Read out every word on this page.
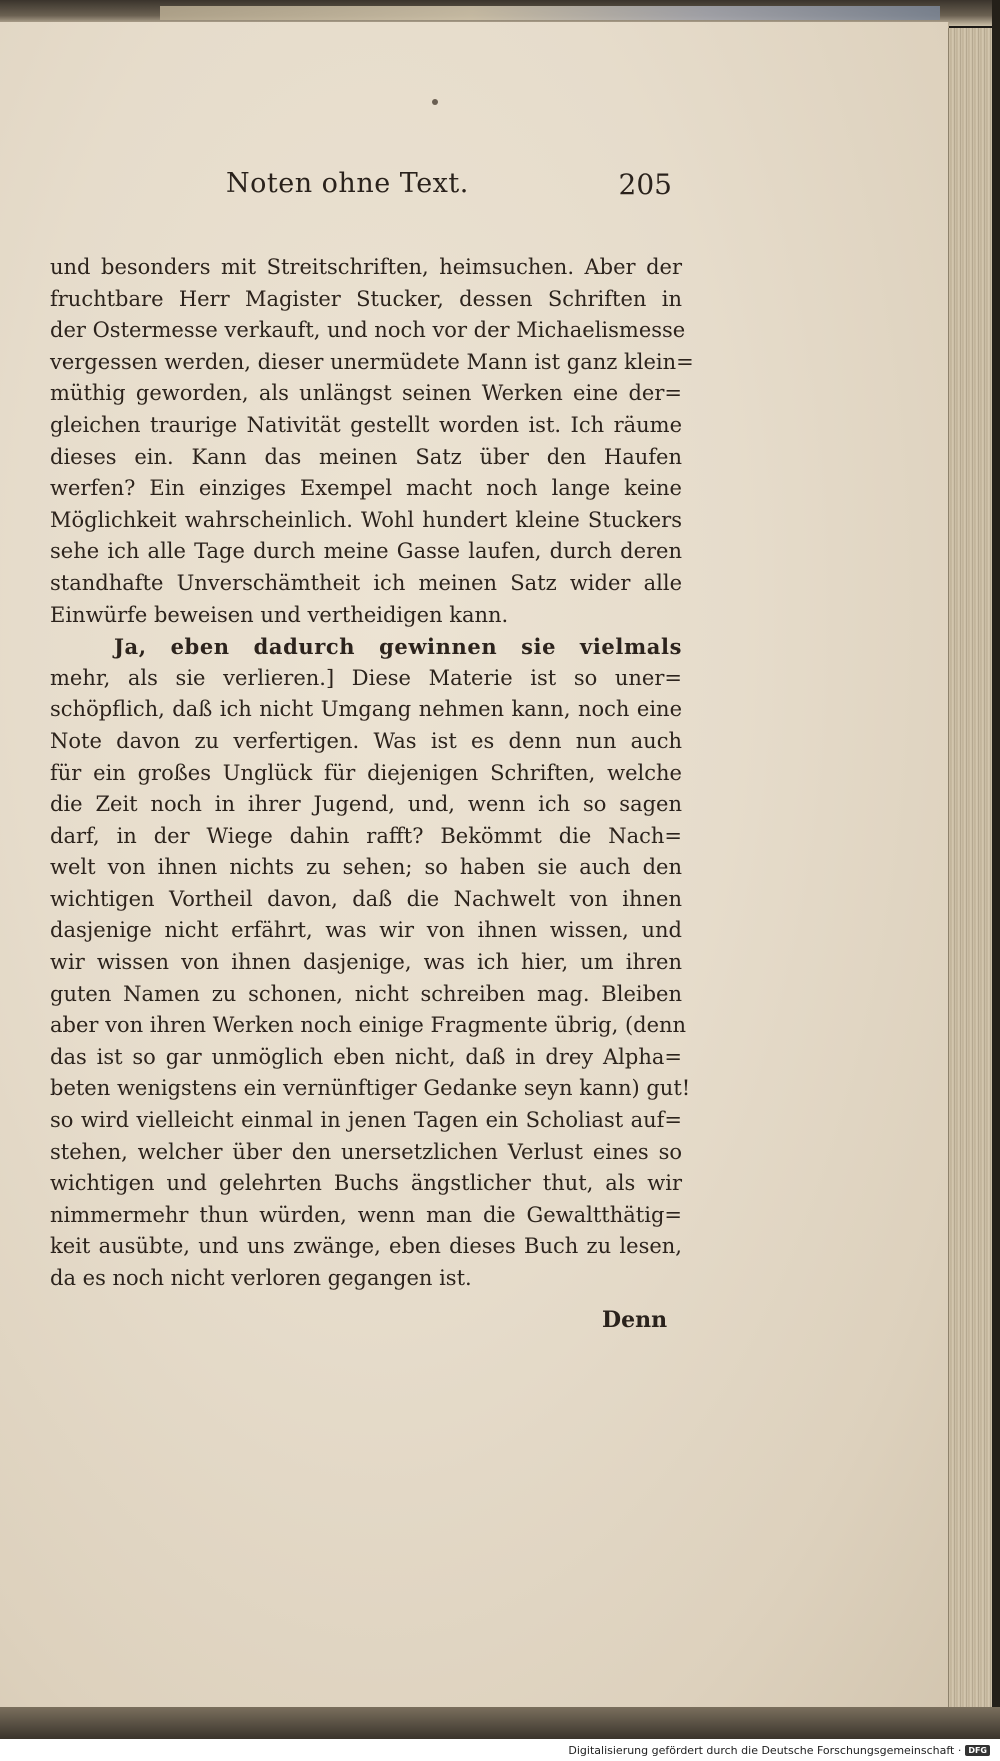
Noten ohne Text.	205
und besonders mit Streitschriften, heimsuchen. Aber der
fruchtbare Herr Magister Stucker, dessen Schriften in
der Ostermesse verkauft, und noch vor der Michaelismesse
vergessen werden, dieser unermüdete Mann ist ganz klein=
müthig geworden, als unlängst seinen Werken eine der=
gleichen traurige Nativität gestellt worden ist. Ich räume
dieses ein. Kann das meinen Satz über den Haufen
werfen? Ein einziges Exempel macht noch lange keine
Möglichkeit wahrscheinlich. Wohl hundert kleine Stuckers
sehe ich alle Tage durch meine Gasse laufen, durch deren
standhafte Unverschämtheit ich meinen Satz wider alle
Einwürfe beweisen und vertheidigen kann.
Ja, eben dadurch gewinnen sie vielmals
mehr, als sie verlieren.] Diese Materie ist so uner=
schöpflich, daß ich nicht Umgang nehmen kann, noch eine
Note davon zu verfertigen. Was ist es denn nun auch
für ein großes Unglück für diejenigen Schriften, welche
die Zeit noch in ihrer Jugend, und, wenn ich so sagen
darf, in der Wiege dahin rafft? Bekömmt die Nach=
welt von ihnen nichts zu sehen; so haben sie auch den
wichtigen Vortheil davon, daß die Nachwelt von ihnen
dasjenige nicht erfährt, was wir von ihnen wissen, und
wir wissen von ihnen dasjenige, was ich hier, um ihren
guten Namen zu schonen, nicht schreiben mag. Bleiben
aber von ihren Werken noch einige Fragmente übrig, (denn
das ist so gar unmöglich eben nicht, daß in drey Alpha=
beten wenigstens ein vernünftiger Gedanke seyn kann) gut!
so wird vielleicht einmal in jenen Tagen ein Scholiast auf=
stehen, welcher über den unersetzlichen Verlust eines so
wichtigen und gelehrten Buchs ängstlicher thut, als wir
nimmermehr thun würden, wenn man die Gewaltthätig=
keit ausübte, und uns zwänge, eben dieses Buch zu lesen,
da es noch nicht verloren gegangen ist.
Denn
Digitalisierung gefördert durch die Deutsche Forschungsgemeinschaft · DFG
